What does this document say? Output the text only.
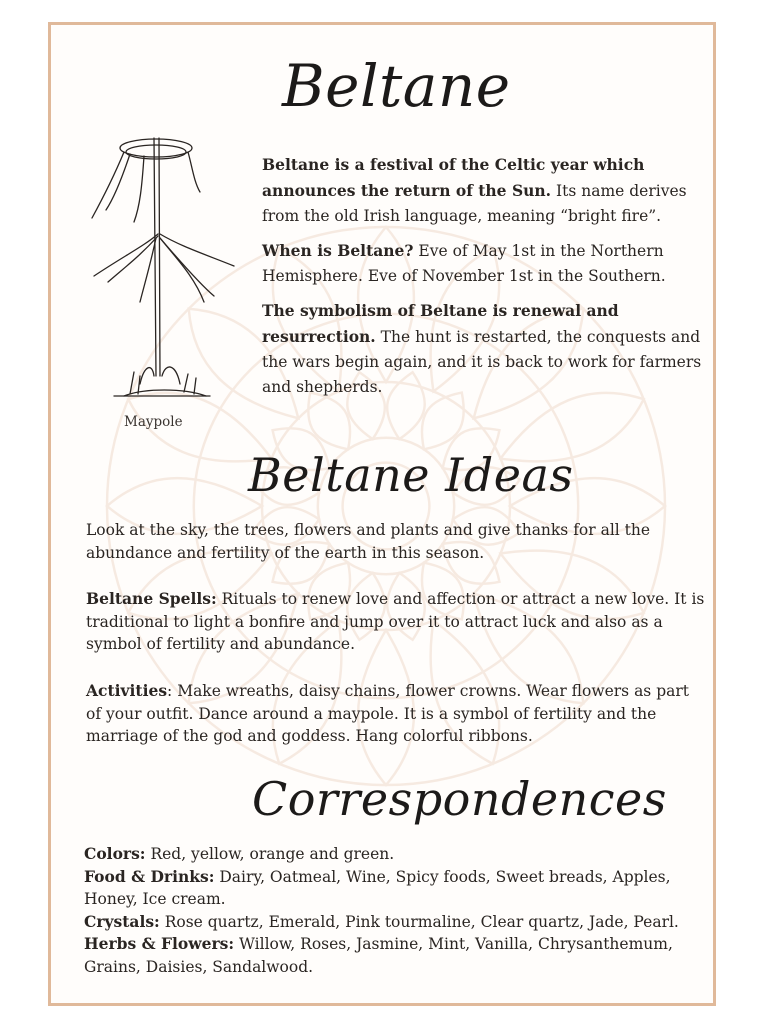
Maypole
Beltane

Beltane is a festival of the Celtic year which announces the return of the Sun. Its name derives from the old Irish language, meaning “bright fire”.

When is Beltane? Eve of May 1st in the Northern Hemisphere. Eve of November 1st in the Southern.

The symbolism of Beltane is renewal and resurrection. The hunt is restarted, the conquests and the wars begin again, and it is back to work for farmers and shepherds.

Beltane Ideas

Look at the sky, the trees, flowers and plants and give thanks for all the abundance and fertility of the earth in this season.

Beltane Spells: Rituals to renew love and affection or attract a new love. It is traditional to light a bonfire and jump over it to attract luck and also as a symbol of fertility and abundance.

Activities: Make wreaths, daisy chains, flower crowns. Wear flowers as part of your outfit. Dance around a maypole. It is a symbol of fertility and the marriage of the god and goddess. Hang colorful ribbons.

Correspondences

Colors: Red, yellow, orange and green.

Food & Drinks: Dairy, Oatmeal, Wine, Spicy foods, Sweet breads, Apples, Honey, Ice cream.

Crystals: Rose quartz, Emerald, Pink tourmaline, Clear quartz, Jade, Pearl.

Herbs & Flowers: Willow, Roses, Jasmine, Mint, Vanilla, Chrysanthemum, Grains, Daisies, Sandalwood.
